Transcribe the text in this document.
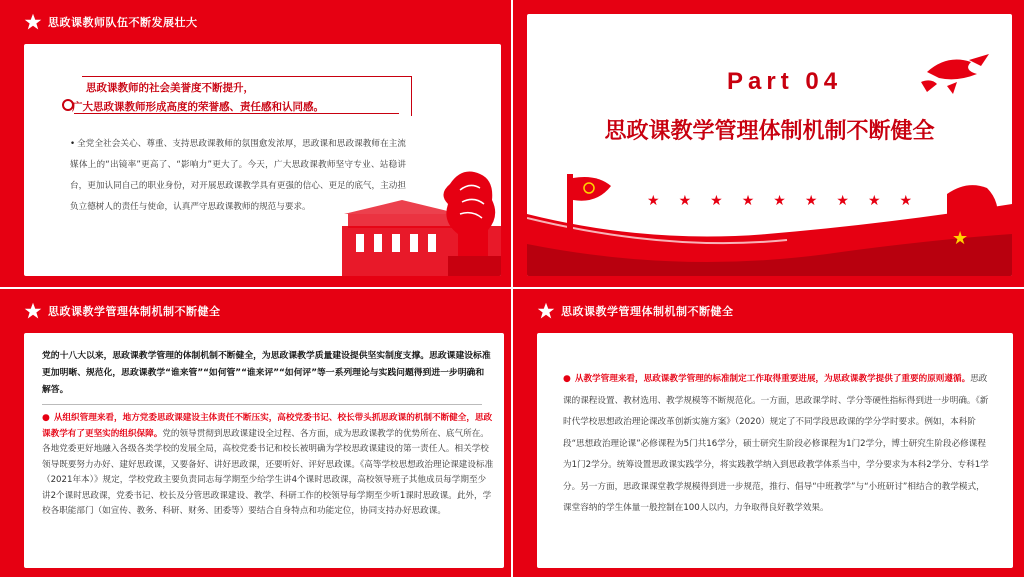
思政课教师队伍不断发展壮大
思政课教师的社会美誉度不断提升，
广大思政课教师形成高度的荣誉感、责任感和认同感。

• 全党全社会关心、尊重、支持思政课教师的氛围愈发浓厚，思政课和思政课教师在主流媒体上的“出镜率”更高了、“影响力”更大了。今天，广大思政课教师坚守专业、站稳讲台，更加认同自己的职业身份，对开展思政课教学具有更强的信心、更足的底气，主动担负立德树人的责任与使命，认真严守思政课教师的规范与要求。

Part 04
思政课教学管理体制机制不断健全
★ ★ ★ ★ ★ ★ ★ ★ ★
★
思政课教学管理体制机制不断健全

党的十八大以来，思政课教学管理的体制机制不断健全，为思政课教学质量建设提供坚实制度支撑。思政课建设标准更加明晰、规范化，思政课教学“谁来管”“如何管”“谁来评”“如何评”等一系列理论与实践问题得到进一步明确和解答。

● 从组织管理来看，地方党委思政课建设主体责任不断压实，高校党委书记、校长带头抓思政课的机制不断健全，思政课教学有了更坚实的组织保障。党的领导贯彻到思政课建设全过程、各方面，成为思政课教学的优势所在、底气所在。各地党委更好地融入各级各类学校的发展全局，高校党委书记和校长被明确为学校思政课建设的第一责任人。相关学校领导既要努力办好、建好思政课，又要备好、讲好思政课，还要听好、评好思政课。《高等学校思想政治理论课建设标准（2021年本）》规定，学校党政主要负责同志每学期至少给学生讲4个课时思政课，高校领导班子其他成员每学期至少讲2个课时思政课，党委书记、校长及分管思政课建设、教学、科研工作的校领导每学期至少听1课时思政课。此外，学校各职能部门（如宣传、教务、科研、财务、团委等）要结合自身特点和功能定位，协同支持办好思政课。

思政课教学管理体制机制不断健全

● 从教学管理来看，思政课教学管理的标准制定工作取得重要进展，为思政课教学提供了重要的原则遵循。思政课的课程设置、教材选用、教学规模等不断规范化。一方面，思政课学时、学分等硬性指标得到进一步明确。《新时代学校思想政治理论课改革创新实施方案》（2020）规定了不同学段思政课的学分学时要求。例如，本科阶段“思想政治理论课”必修课程为5门共16学分，硕士研究生阶段必修课程为1门2学分，博士研究生阶段必修课程为1门2学分。统筹设置思政课实践学分，将实践教学纳入到思政教学体系当中，学分要求为本科2学分、专科1学分。另一方面，思政课课堂教学规模得到进一步规范，推行、倡导“中班教学”与“小班研讨”相结合的教学模式，课堂容纳的学生体量一般控制在100人以内，力争取得良好教学效果。
